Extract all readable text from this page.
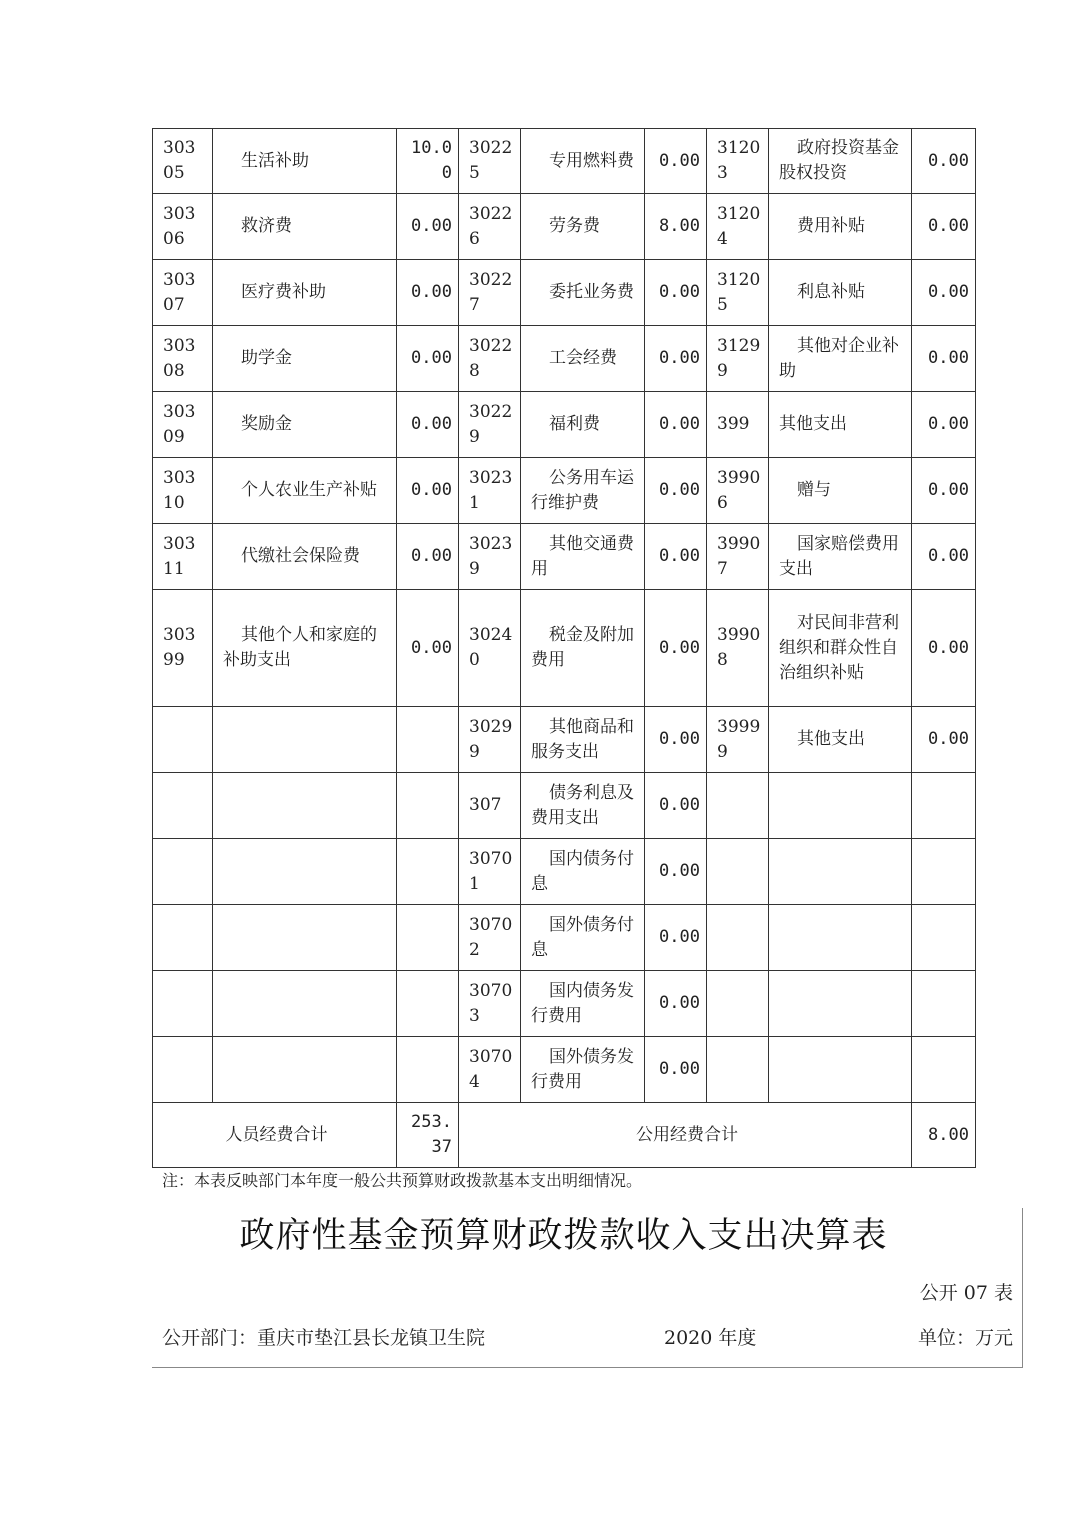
30305	生活补助	10.00	30225	专用燃料费	0.00	31203	政府投资基金股权投资	0.00
30306	救济费	0.00	30226	劳务费	8.00	31204	费用补贴	0.00
30307	医疗费补助	0.00	30227	委托业务费	0.00	31205	利息补贴	0.00
30308	助学金	0.00	30228	工会经费	0.00	31299	其他对企业补助	0.00
30309	奖励金	0.00	30229	福利费	0.00	399	其他支出	0.00
30310	个人农业生产补贴	0.00	30231	公务用车运行维护费	0.00	39906	赠与	0.00
30311	代缴社会保险费	0.00	30239	其他交通费用	0.00	39907	国家赔偿费用支出	0.00
30399	其他个人和家庭的补助支出	0.00	30240	税金及附加费用	0.00	39908	对民间非营利组织和群众性自治组织补贴	0.00
			30299	其他商品和服务支出	0.00	39999	其他支出	0.00
			307	债务利息及费用支出	0.00			
			30701	国内债务付息	0.00			
			30702	国外债务付息	0.00			
			30703	国内债务发行费用	0.00			
			30704	国外债务发行费用	0.00			
人员经费合计		253.37	公用经费合计					8.00
注：本表反映部门本年度一般公共预算财政拨款基本支出明细情况。
政府性基金预算财政拨款收入支出决算表
公开 07 表
公开部门：重庆市垫江县长龙镇卫生院	2020 年度	单位：万元
